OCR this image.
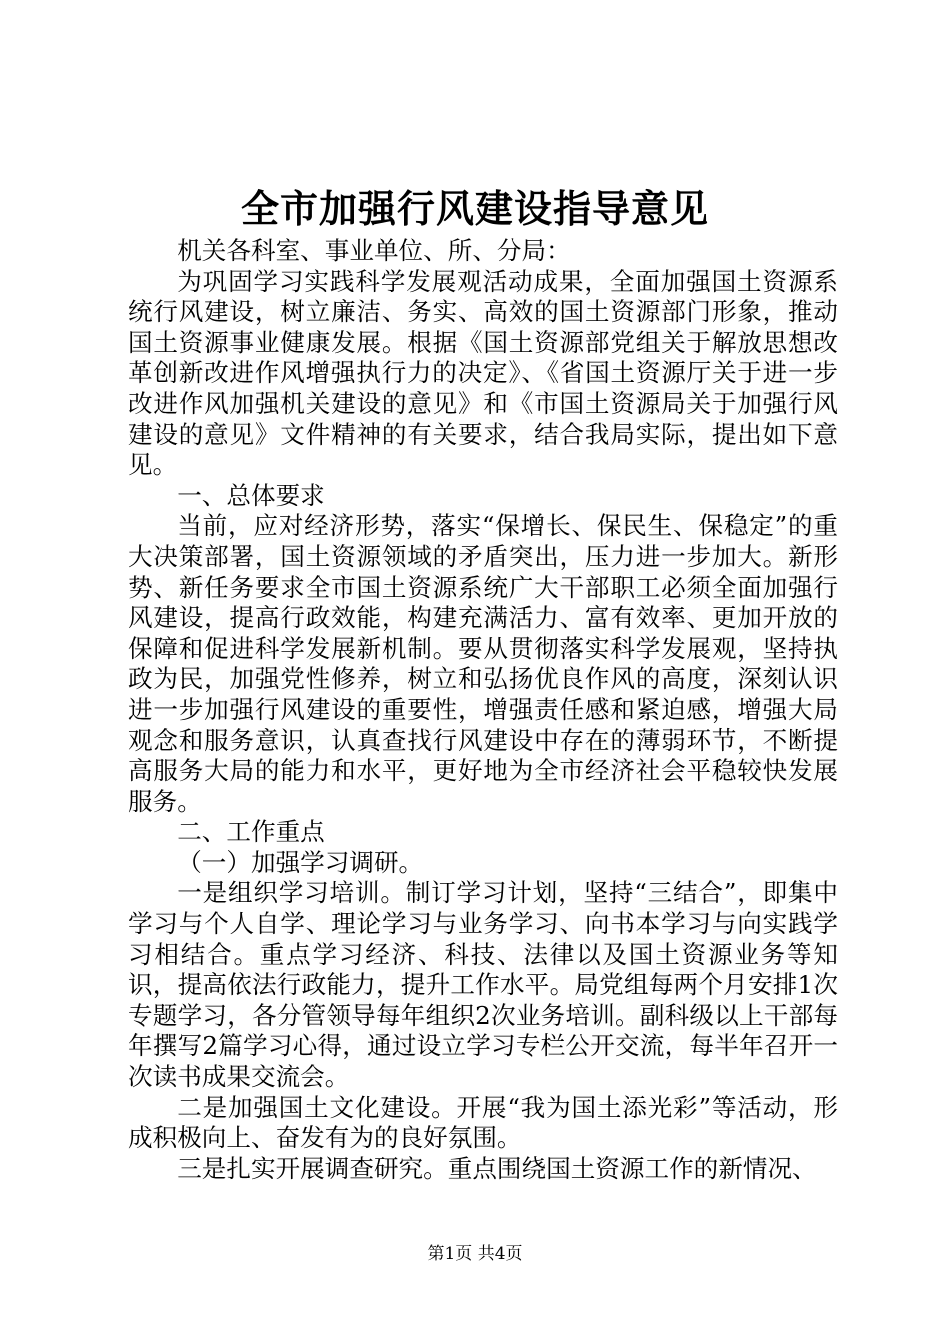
全市加强行风建设指导意见

机关各科室、事业单位、所、分局：

为巩固学习实践科学发展观活动成果，全面加强国土资源系统行风建设，树立廉洁、务实、高效的国土资源部门形象，推动国土资源事业健康发展。根据《国土资源部党组关于解放思想改革创新改进作风增强执行力的决定》、《省国土资源厅关于进一步改进作风加强机关建设的意见》和《市国土资源局关于加强行风建设的意见》文件精神的有关要求，结合我局实际，提出如下意见。

一、总体要求

当前，应对经济形势，落实“保增长、保民生、保稳定”的重大决策部署，国土资源领域的矛盾突出，压力进一步加大。新形势、新任务要求全市国土资源系统广大干部职工必须全面加强行风建设，提高行政效能，构建充满活力、富有效率、更加开放的保障和促进科学发展新机制。要从贯彻落实科学发展观，坚持执政为民，加强党性修养，树立和弘扬优良作风的高度，深刻认识进一步加强行风建设的重要性，增强责任感和紧迫感，增强大局观念和服务意识，认真查找行风建设中存在的薄弱环节，不断提高服务大局的能力和水平，更好地为全市经济社会平稳较快发展服务。

二、工作重点

（一）加强学习调研。

一是组织学习培训。制订学习计划，坚持“三结合”，即集中学习与个人自学、理论学习与业务学习、向书本学习与向实践学习相结合。重点学习经济、科技、法律以及国土资源业务等知识，提高依法行政能力，提升工作水平。局党组每两个月安排1次专题学习，各分管领导每年组织2次业务培训。副科级以上干部每年撰写2篇学习心得，通过设立学习专栏公开交流，每半年召开一次读书成果交流会。

二是加强国土文化建设。开展“我为国土添光彩”等活动，形成积极向上、奋发有为的良好氛围。

三是扎实开展调查研究。重点围绕国土资源工作的新情况、

第1页 共4页
